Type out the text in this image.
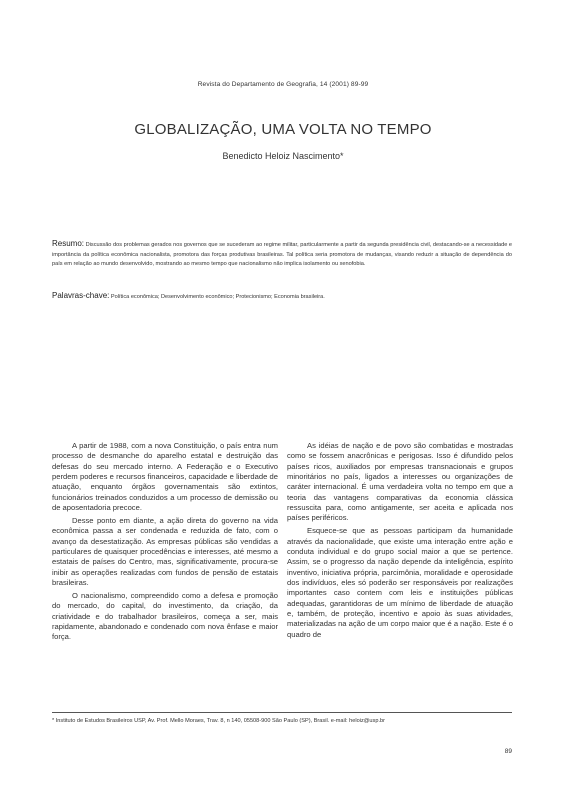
Revista do Departamento de Geografia, 14 (2001) 89-99
GLOBALIZAÇÃO, UMA VOLTA NO TEMPO
Benedicto Heloiz Nascimento*
Resumo: Discussão dos problemas gerados nos governos que se sucederam ao regime militar, particularmente a partir da segunda presidência civil, destacando-se a necessidade e importância da política econômica nacionalista, promotora das forças produtivas brasileiras. Tal política seria promotora de mudanças, visando reduzir a situação de dependência do país em relação ao mundo desenvolvido, mostrando ao mesmo tempo que nacionalismo não implica isolamento ou xenofobia.
Palavras-chave: Política econômica; Desenvolvimento econômico; Protecionismo; Economia brasileira.

A partir de 1988, com a nova Constituição, o país entra num processo de desmanche do aparelho estatal e destruição das defesas do seu mercado interno. A Federação e o Executivo perdem poderes e recursos financeiros, capacidade e liberdade de atuação, enquanto órgãos governamentais são extintos, funcionários treinados conduzidos a um processo de demissão ou de aposentadoria precoce.

Desse ponto em diante, a ação direta do governo na vida econômica passa a ser condenada e reduzida de fato, com o avanço da desestatização. As empresas públicas são vendidas a particulares de quaisquer procedências e interesses, até mesmo a estatais de países do Centro, mas, significativamente, procura-se inibir as operações realizadas com fundos de pensão de estatais brasileiras.

O nacionalismo, compreendido como a defesa e promoção do mercado, do capital, do investimento, da criação, da criatividade e do trabalhador brasileiros, começa a ser, mais rapidamente, abandonado e condenado com nova ênfase e maior força.

As idéias de nação e de povo são combatidas e mostradas como se fossem anacrônicas e perigosas. Isso é difundido pelos países ricos, auxiliados por empresas transnacionais e grupos minoritários no país, ligados a interesses ou organizações de caráter internacional. É uma verdadeira volta no tempo em que a teoria das vantagens comparativas da economia clássica ressuscita para, como antigamente, ser aceita e aplicada nos países periféricos.

Esquece-se que as pessoas participam da humanidade através da nacionalidade, que existe uma interação entre ação e conduta individual e do grupo social maior a que se pertence. Assim, se o progresso da nação depende da inteligência, espírito inventivo, iniciativa própria, parcimônia, moralidade e operosidade dos indivíduos, eles só poderão ser responsáveis por realizações importantes caso contem com leis e instituições públicas adequadas, garantidoras de um mínimo de liberdade de atuação e, também, de proteção, incentivo e apoio às suas atividades, materializadas na ação de um corpo maior que é a nação. Este é o quadro de

* Instituto de Estudos Brasileiros USP, Av. Prof. Mello Moraes, Trav. 8, n 140, 05508-900 São Paulo (SP), Brasil. e-mail: heloiz@usp.br
89
